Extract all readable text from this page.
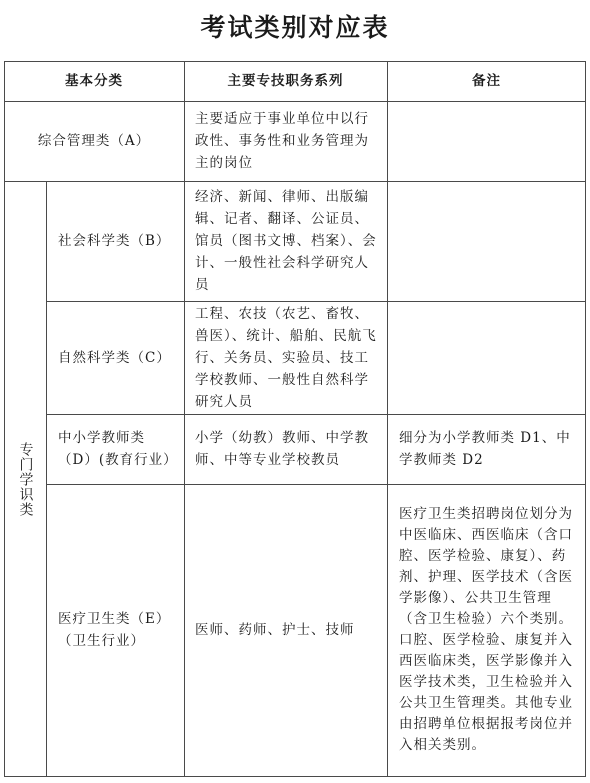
考试类别对应表
基本分类	主要专技职务系列	备注
综合管理类（A）
主要适应于事业单位中以行政性、事务性和业务管理为主的岗位
专门学识类
社会科学类（B）
经济、新闻、律师、出版编辑、记者、翻译、公证员、馆员（图书文博、档案）、会计、一般性社会科学研究人员
自然科学类（C）
工程、农技（农艺、畜牧、兽医）、统计、船舶、民航飞行、关务员、实验员、技工学校教师、一般性自然科学研究人员
中小学教师类（D）(教育行业）
小学（幼教）教师、中学教师、中等专业学校教员
细分为小学教师类 D1、中学教师类 D2
医疗卫生类（E）（卫生行业）
医师、药师、护士、技师
医疗卫生类招聘岗位划分为中医临床、西医临床（含口腔、医学检验、康复）、药剂、护理、医学技术（含医学影像）、公共卫生管理（含卫生检验）六个类别。口腔、医学检验、康复并入西医临床类，医学影像并入医学技术类，卫生检验并入公共卫生管理类。其他专业由招聘单位根据报考岗位并入相关类别。
